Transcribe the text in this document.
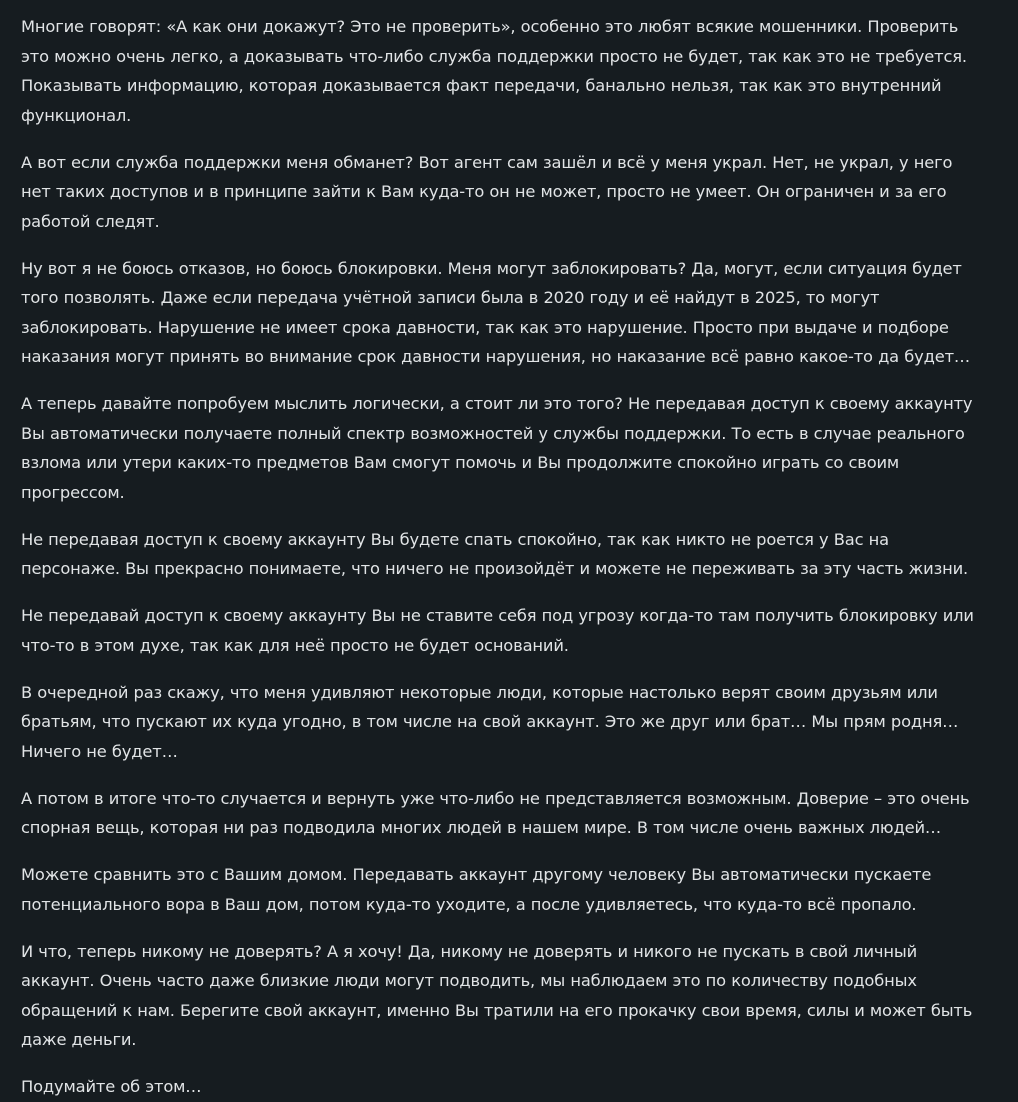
Многие говорят: «А как они докажут? Это не проверить», особенно это любят всякие мошенники. Проверить это можно очень легко, а доказывать что-либо служба поддержки просто не будет, так как это не требуется. Показывать информацию, которая доказывается факт передачи, банально нельзя, так как это внутренний функционал.

А вот если служба поддержки меня обманет? Вот агент сам зашёл и всё у меня украл. Нет, не украл, у него нет таких доступов и в принципе зайти к Вам куда-то он не может, просто не умеет. Он ограничен и за его работой следят.

Ну вот я не боюсь отказов, но боюсь блокировки. Меня могут заблокировать? Да, могут, если ситуация будет того позволять. Даже если передача учётной записи была в 2020 году и её найдут в 2025, то могут заблокировать. Нарушение не имеет срока давности, так как это нарушение. Просто при выдаче и подборе наказания могут принять во внимание срок давности нарушения, но наказание всё равно какое-то да будет…

А теперь давайте попробуем мыслить логически, а стоит ли это того? Не передавая доступ к своему аккаунту Вы автоматически получаете полный спектр возможностей у службы поддержки. То есть в случае реального взлома или утери каких-то предметов Вам смогут помочь и Вы продолжите спокойно играть со своим прогрессом.

Не передавая доступ к своему аккаунту Вы будете спать спокойно, так как никто не роется у Вас на персонаже. Вы прекрасно понимаете, что ничего не произойдёт и можете не переживать за эту часть жизни.

Не передавай доступ к своему аккаунту Вы не ставите себя под угрозу когда-то там получить блокировку или что-то в этом духе, так как для неё просто не будет оснований.

В очередной раз скажу, что меня удивляют некоторые люди, которые настолько верят своим друзьям или братьям, что пускают их куда угодно, в том числе на свой аккаунт. Это же друг или брат… Мы прям родня… Ничего не будет…

А потом в итоге что-то случается и вернуть уже что-либо не представляется возможным. Доверие – это очень спорная вещь, которая ни раз подводила многих людей в нашем мире. В том числе очень важных людей…

Можете сравнить это с Вашим домом. Передавать аккаунт другому человеку Вы автоматически пускаете потенциального вора в Ваш дом, потом куда-то уходите, а после удивляетесь, что куда-то всё пропало.

И что, теперь никому не доверять? А я хочу! Да, никому не доверять и никого не пускать в свой личный аккаунт. Очень часто даже близкие люди могут подводить, мы наблюдаем это по количеству подобных обращений к нам. Берегите свой аккаунт, именно Вы тратили на его прокачку свои время, силы и может быть даже деньги.

Подумайте об этом…
